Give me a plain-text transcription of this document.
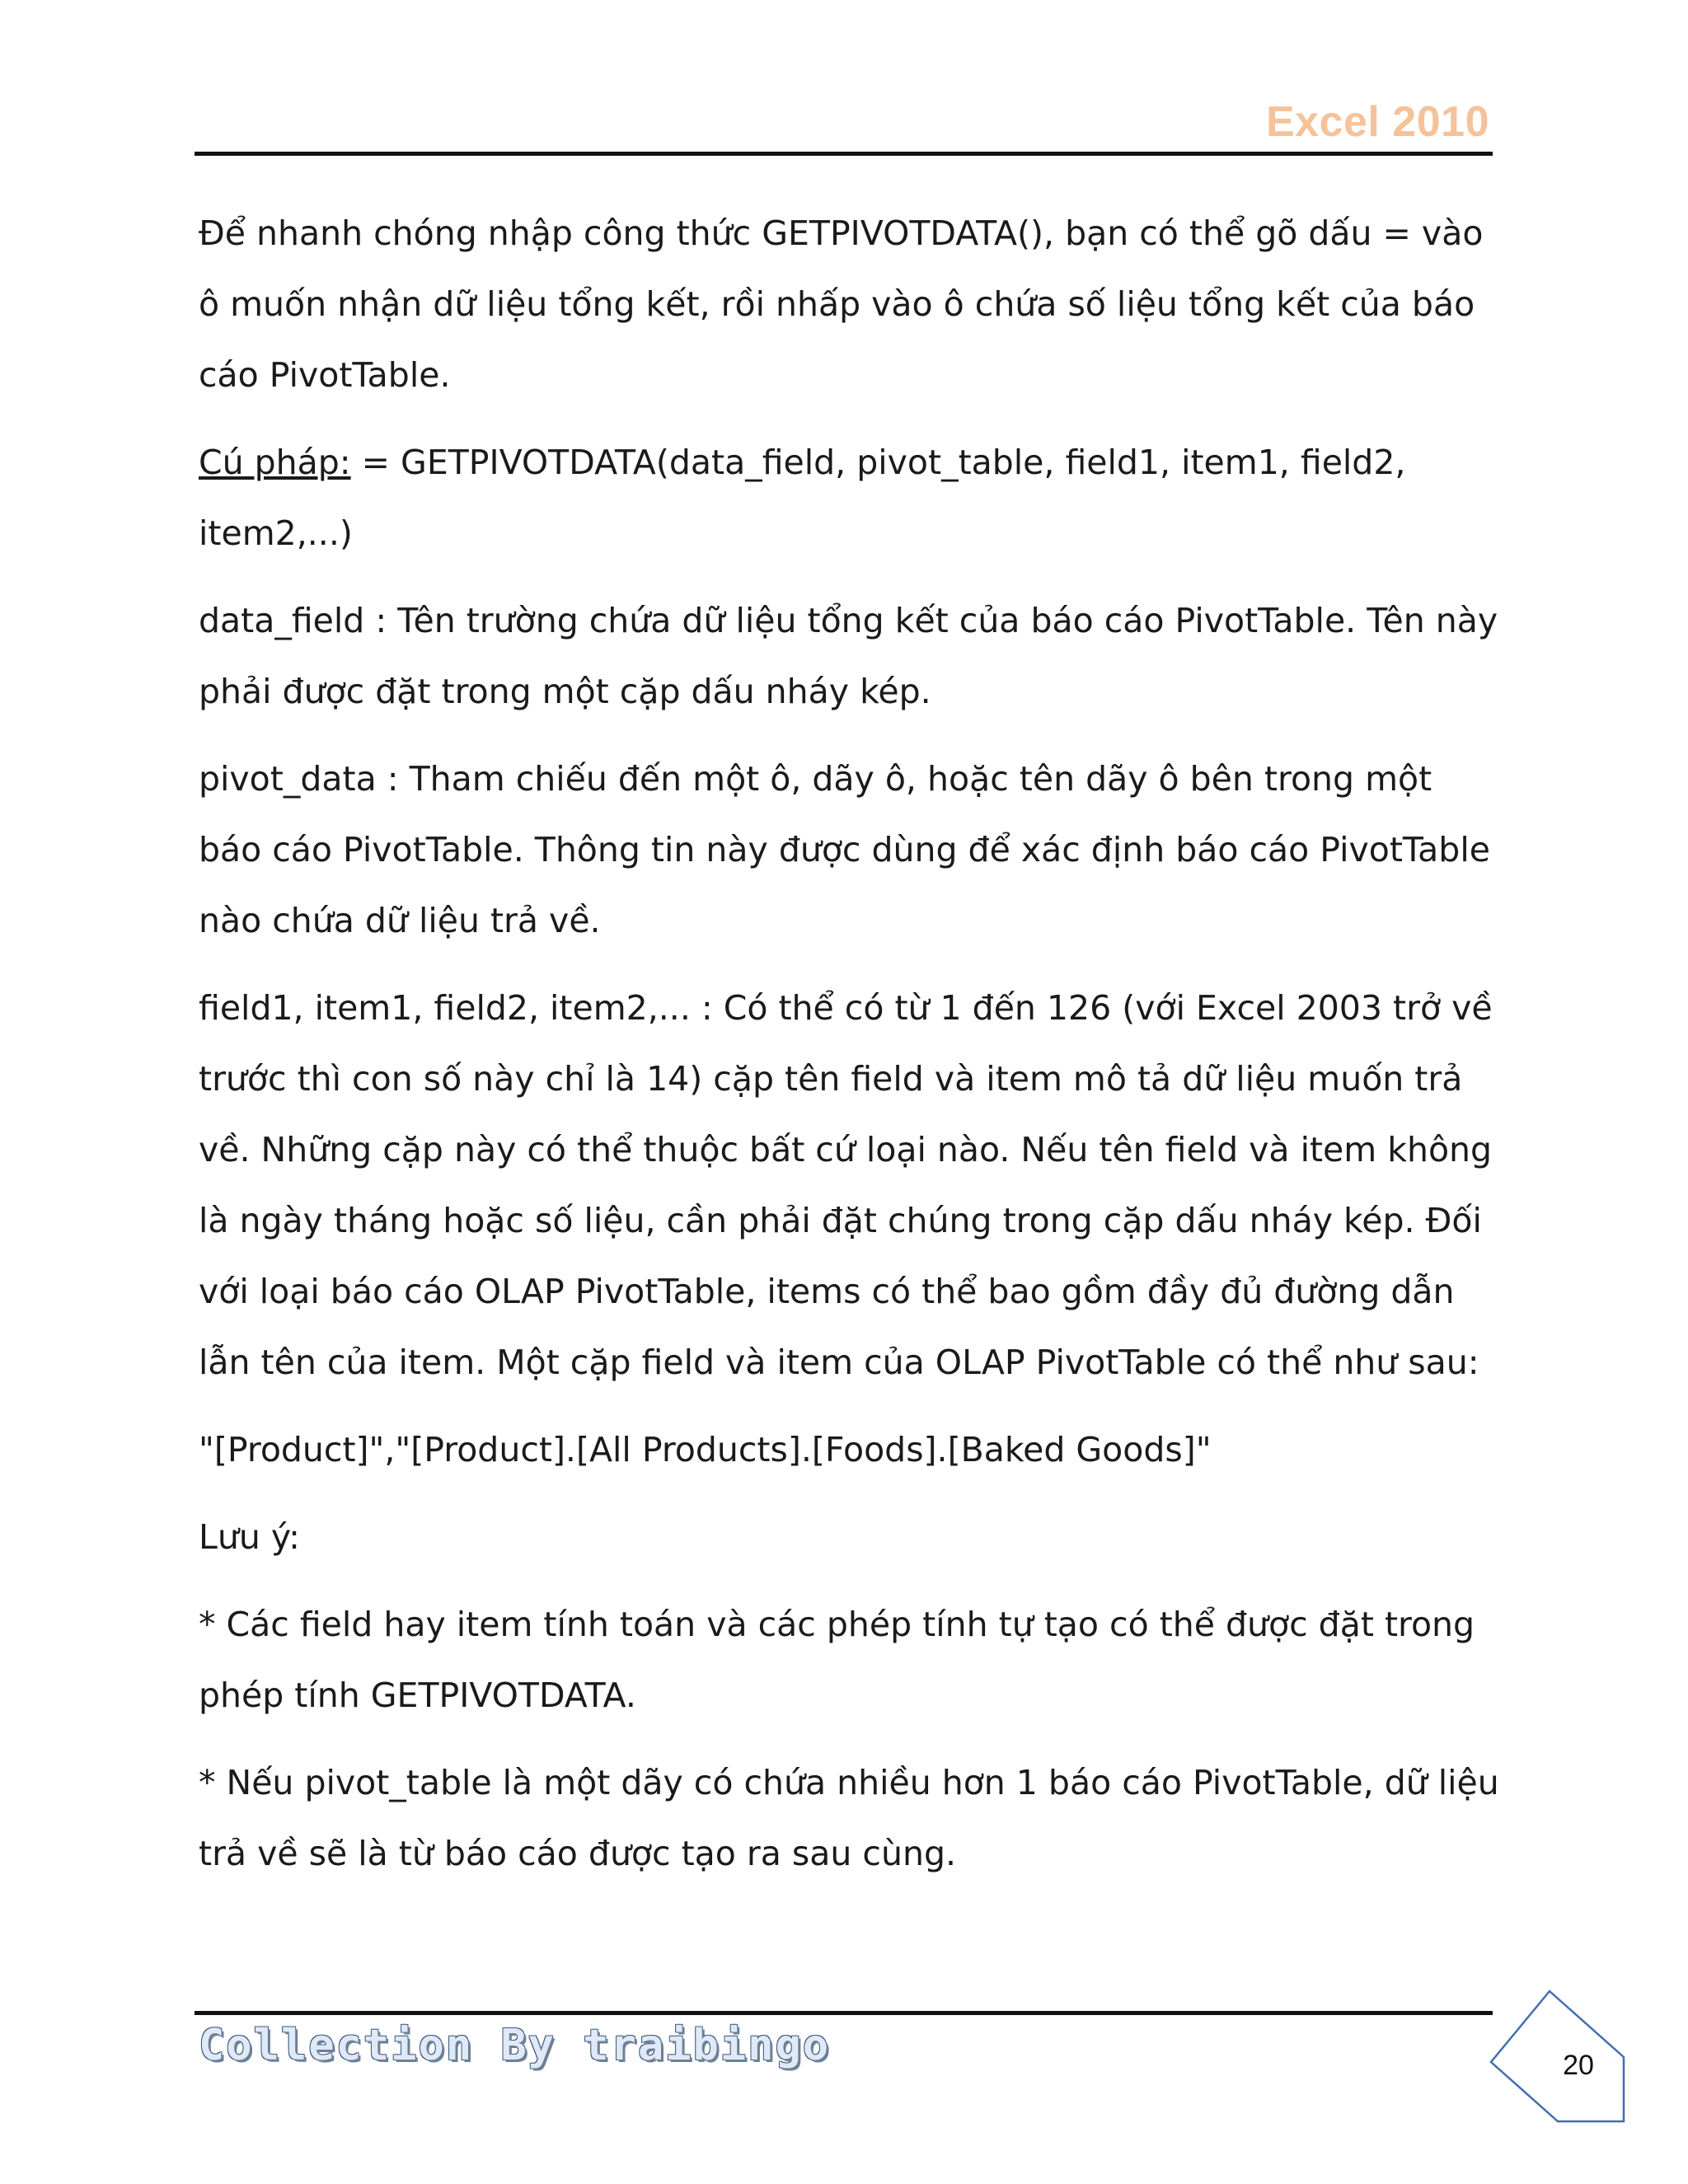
Excel 2010

Để nhanh chóng nhập công thức GETPIVOTDATA(), bạn có thể gõ dấu = vào ô muốn nhận dữ liệu tổng kết, rồi nhấp vào ô chứa số liệu tổng kết của báo cáo PivotTable.

Cú pháp: = GETPIVOTDATA(data_field, pivot_table, field1, item1, field2, item2,...)

data_field : Tên trường chứa dữ liệu tổng kết của báo cáo PivotTable. Tên này phải được đặt trong một cặp dấu nháy kép.

pivot_data : Tham chiếu đến một ô, dãy ô, hoặc tên dãy ô bên trong một báo cáo PivotTable. Thông tin này được dùng để xác định báo cáo PivotTable nào chứa dữ liệu trả về.

field1, item1, field2, item2,... : Có thể có từ 1 đến 126 (với Excel 2003 trở về trước thì con số này chỉ là 14) cặp tên field và item mô tả dữ liệu muốn trả về. Những cặp này có thể thuộc bất cứ loại nào. Nếu tên field và item không là ngày tháng hoặc số liệu, cần phải đặt chúng trong cặp dấu nháy kép. Đối với loại báo cáo OLAP PivotTable, items có thể bao gồm đầy đủ đường dẫn lẫn tên của item. Một cặp field và item của OLAP PivotTable có thể như sau:

"[Product]","[Product].[All Products].[Foods].[Baked Goods]"

Lưu ý:

* Các field hay item tính toán và các phép tính tự tạo có thể được đặt trong phép tính GETPIVOTDATA.

* Nếu pivot_table là một dãy có chứa nhiều hơn 1 báo cáo PivotTable, dữ liệu trả về sẽ là từ báo cáo được tạo ra sau cùng.

Collection By traibingo	20
